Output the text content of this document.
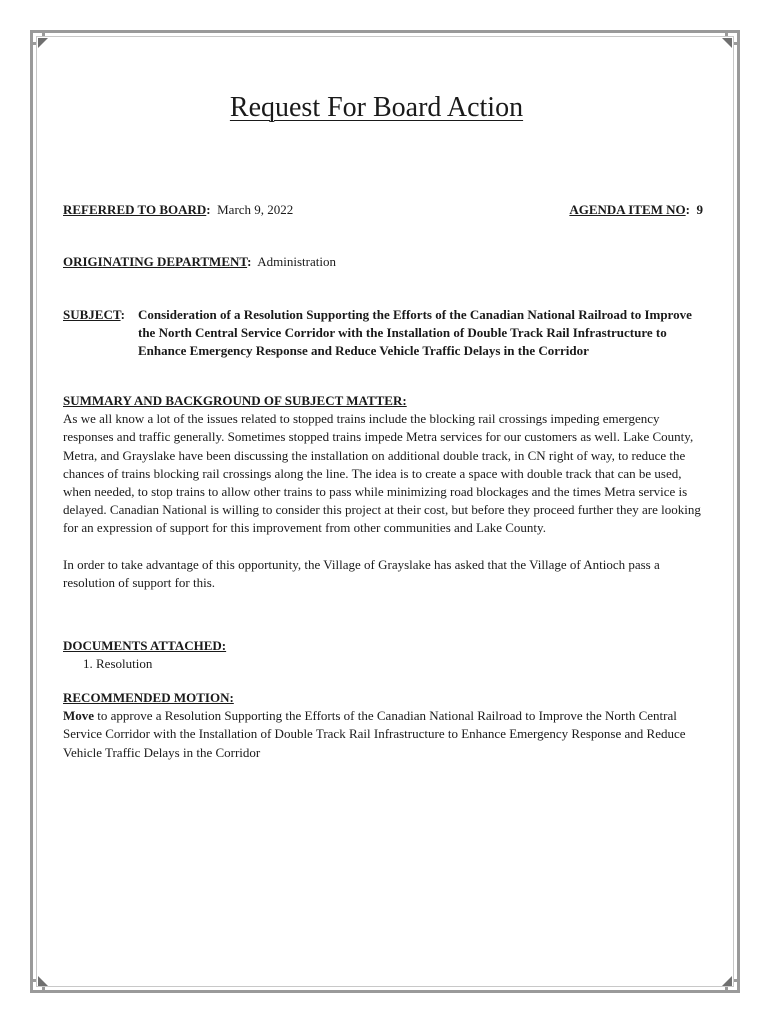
Request For Board Action
REFERRED TO BOARD: March 9, 2022	AGENDA ITEM NO: 9
ORIGINATING DEPARTMENT: Administration
SUBJECT: Consideration of a Resolution Supporting the Efforts of the Canadian National Railroad to Improve the North Central Service Corridor with the Installation of Double Track Rail Infrastructure to Enhance Emergency Response and Reduce Vehicle Traffic Delays in the Corridor
SUMMARY AND BACKGROUND OF SUBJECT MATTER:
As we all know a lot of the issues related to stopped trains include the blocking rail crossings impeding emergency responses and traffic generally. Sometimes stopped trains impede Metra services for our customers as well. Lake County, Metra, and Grayslake have been discussing the installation on additional double track, in CN right of way, to reduce the chances of trains blocking rail crossings along the line. The idea is to create a space with double track that can be used, when needed, to stop trains to allow other trains to pass while minimizing road blockages and the times Metra service is delayed. Canadian National is willing to consider this project at their cost, but before they proceed further they are looking for an expression of support for this improvement from other communities and Lake County.
In order to take advantage of this opportunity, the Village of Grayslake has asked that the Village of Antioch pass a resolution of support for this.
DOCUMENTS ATTACHED:
1. Resolution
RECOMMENDED MOTION:
Move to approve a Resolution Supporting the Efforts of the Canadian National Railroad to Improve the North Central Service Corridor with the Installation of Double Track Rail Infrastructure to Enhance Emergency Response and Reduce Vehicle Traffic Delays in the Corridor
